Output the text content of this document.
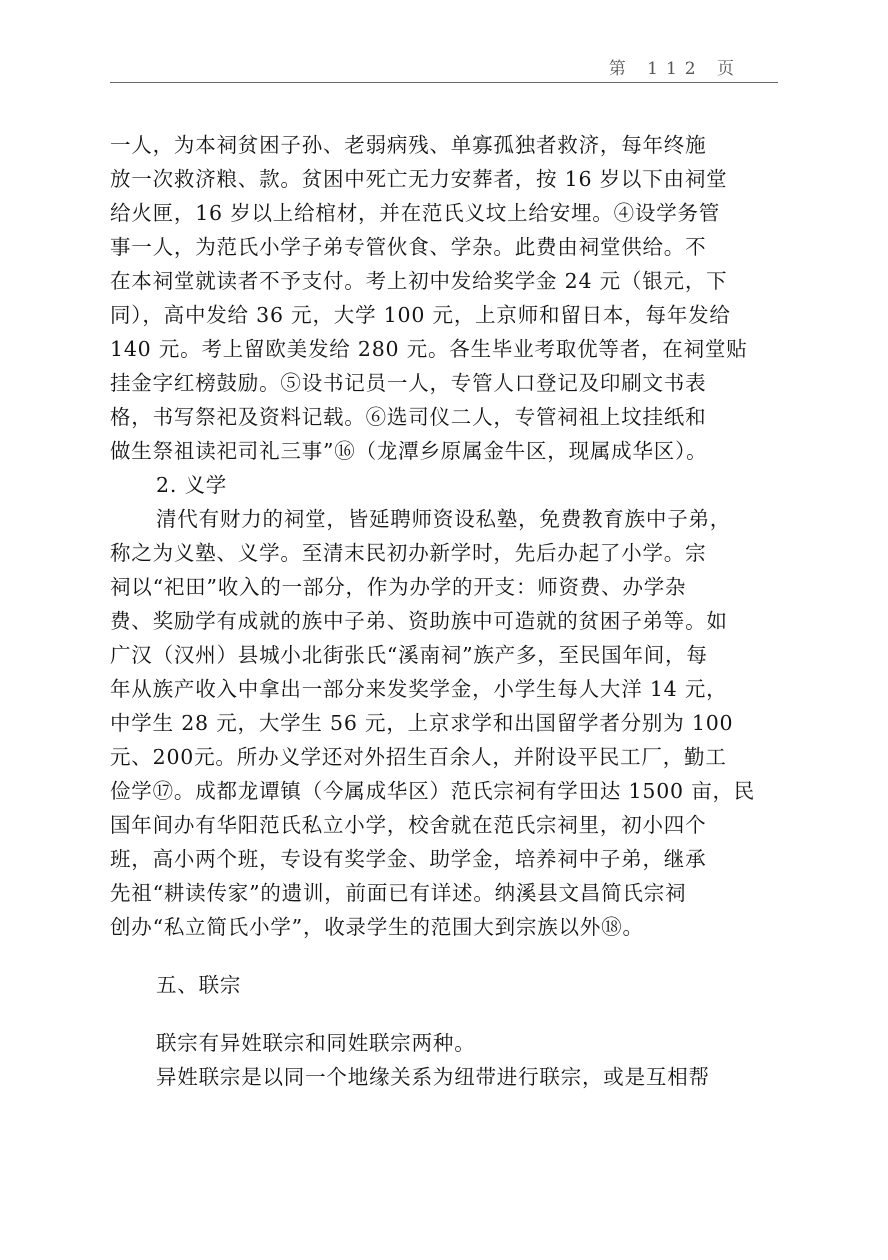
第 112 页
一人，为本祠贫困子孙、老弱病残、单寡孤独者救济，每年终施
放一次救济粮、款。贫困中死亡无力安葬者，按 16 岁以下由祠堂
给火匣，16 岁以上给棺材，并在范氏义坟上给安埋。④设学务管
事一人，为范氏小学子弟专管伙食、学杂。此费由祠堂供给。不
在本祠堂就读者不予支付。考上初中发给奖学金 24 元（银元，下
同），高中发给 36 元，大学 100 元，上京师和留日本，每年发给
140 元。考上留欧美发给 280 元。各生毕业考取优等者，在祠堂贴
挂金字红榜鼓励。⑤设书记员一人，专管人口登记及印刷文书表
格，书写祭祀及资料记载。⑥选司仪二人，专管祠祖上坟挂纸和
做生祭祖读祀司礼三事”⑯（龙潭乡原属金牛区，现属成华区）。
2. 义学
清代有财力的祠堂，皆延聘师资设私塾，免费教育族中子弟，
称之为义塾、义学。至清末民初办新学时，先后办起了小学。宗
祠以“祀田”收入的一部分，作为办学的开支：师资费、办学杂
费、奖励学有成就的族中子弟、资助族中可造就的贫困子弟等。如
广汉（汉州）县城小北街张氏“溪南祠”族产多，至民国年间，每
年从族产收入中拿出一部分来发奖学金，小学生每人大洋 14 元，
中学生 28 元，大学生 56 元，上京求学和出国留学者分别为 100
元、200元。所办义学还对外招生百余人，并附设平民工厂，勤工
俭学⑰。成都龙谭镇（今属成华区）范氏宗祠有学田达 1500 亩，民
国年间办有华阳范氏私立小学，校舍就在范氏宗祠里，初小四个
班，高小两个班，专设有奖学金、助学金，培养祠中子弟，继承
先祖“耕读传家”的遗训，前面已有详述。纳溪县文昌简氏宗祠
创办“私立简氏小学”，收录学生的范围大到宗族以外⑱。
五、联宗
联宗有异姓联宗和同姓联宗两种。
异姓联宗是以同一个地缘关系为纽带进行联宗，或是互相帮
